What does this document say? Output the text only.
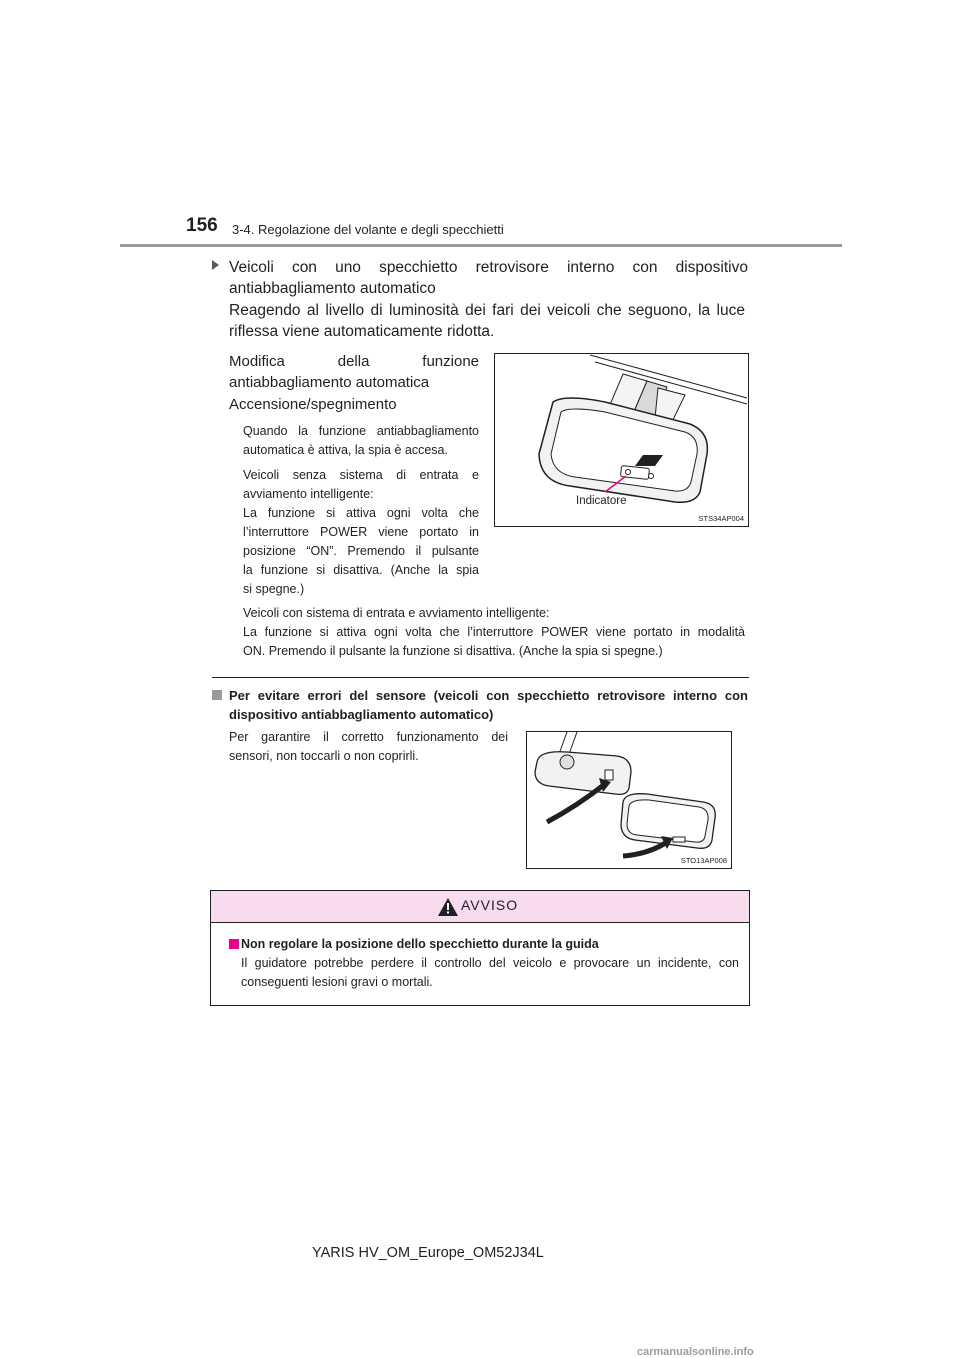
156 3-4. Regolazione del volante e degli specchietti
Veicoli con uno specchietto retrovisore interno con dispositivo
antiabbagliamento automatico
Reagendo al livello di luminosità dei fari dei veicoli che seguono, la luce
riflessa viene automaticamente ridotta.
Modifica della funzione
antiabbagliamento automatica
Accensione/spegnimento
Quando la funzione antiabbagliamento
automatica è attiva, la spia è accesa.
Veicoli senza sistema di entrata e
avviamento intelligente:
La funzione si attiva ogni volta che
l’interruttore POWER viene portato in
posizione “ON”. Premendo il pulsante
la funzione si disattiva. (Anche la spia
si spegne.)
Veicoli con sistema di entrata e avviamento intelligente:
La funzione si attiva ogni volta che l’interruttore POWER viene portato in modalità
ON. Premendo il pulsante la funzione si disattiva. (Anche la spia si spegne.)
Indicatore
STS34AP004
Per evitare errori del sensore (veicoli con specchietto retrovisore interno con
dispositivo antiabbagliamento automatico)
Per garantire il corretto funzionamento dei
sensori, non toccarli o non coprirli.
STO13AP008
AVVISO
Non regolare la posizione dello specchietto durante la guida
Il guidatore potrebbe perdere il controllo del veicolo e provocare un incidente, con
conseguenti lesioni gravi o mortali.
YARIS HV_OM_Europe_OM52J34L
carmanualsonline.info
